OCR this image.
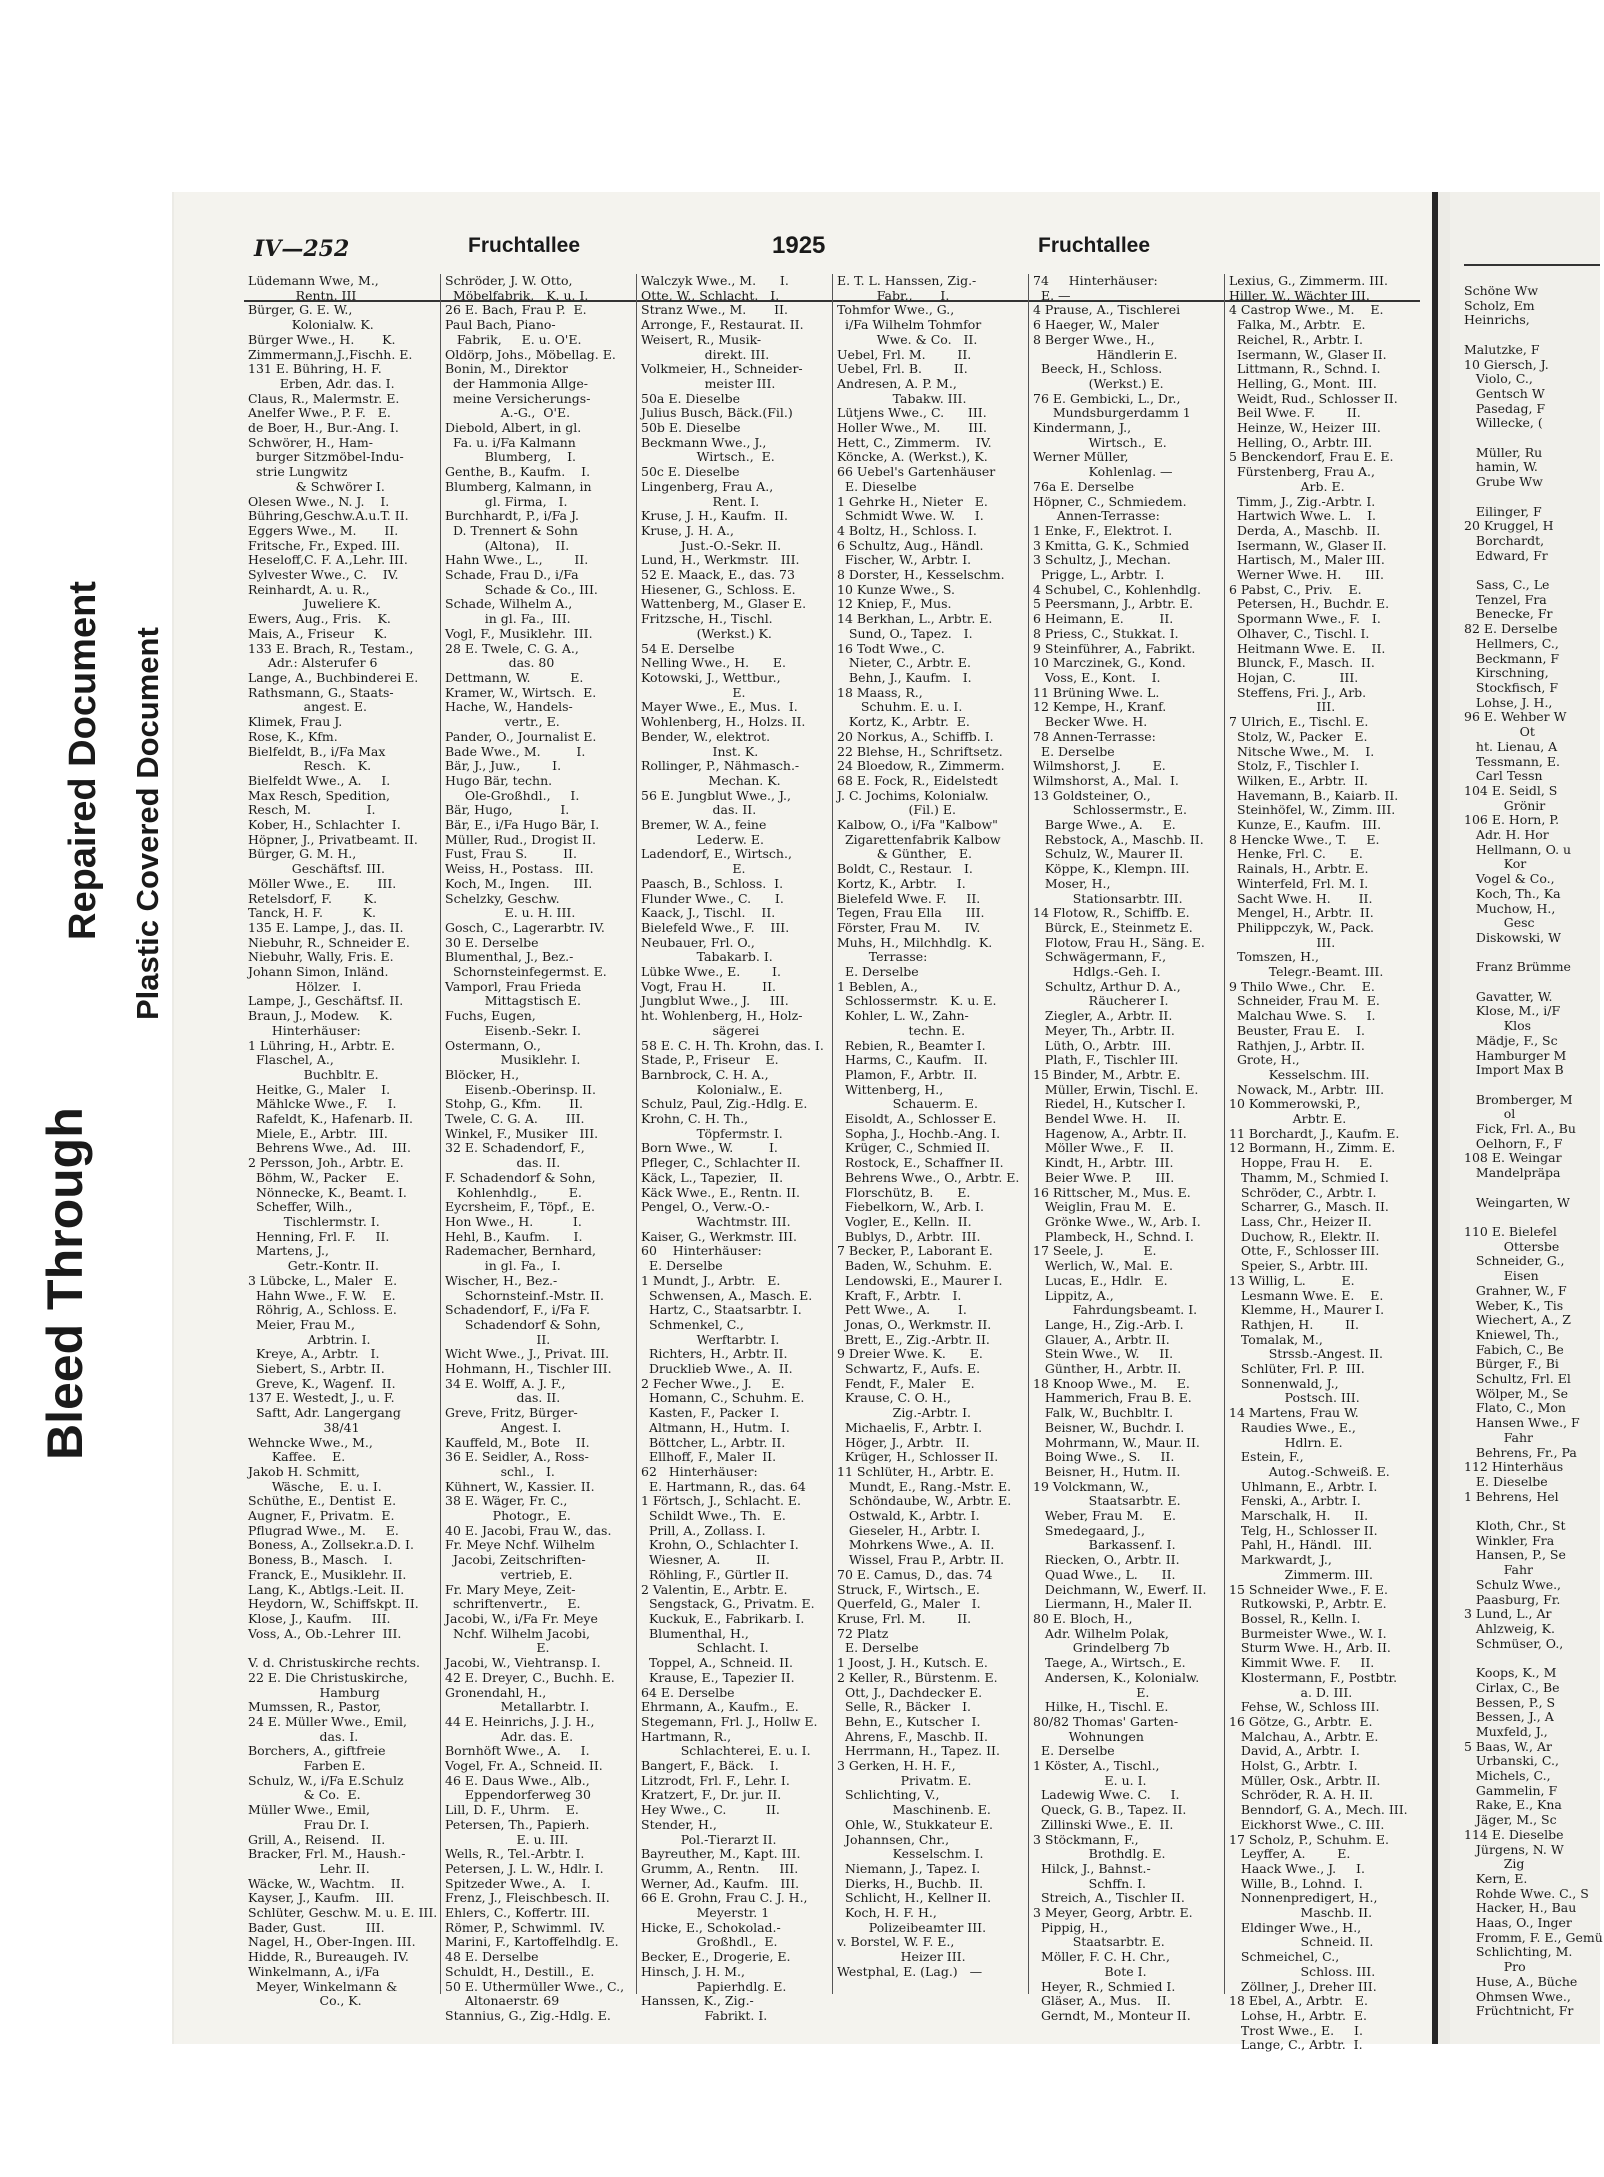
Bleed Through
Repaired Document Plastic Covered Document
IV—252	Fruchtallee	1925	Fruchtallee
Lüdemann Wwe, M.,
Rentn. III
Bürger, G. E. W.,
Kolonialw. K.
Bürger Wwe., H.       K.
Zimmermann,J.,Fischh. E.
131 E. Bühring, H. F.
Erben, Adr. das. I.
Claus, R., Malermstr. E.
Anelfer Wwe., P. F.   E.
de Boer, H., Bur.-Ang. I.
Schwörer, H., Ham-
burger Sitzmöbel-Indu-
strie Lungwitz
& Schwörer I.
Olesen Wwe., N. J.    I.
Bühring,Geschw.A.u.T. II.
Eggers Wwe., M.       II.
Fritsche, Fr., Exped. III.
Heseloff,C. F. A.,Lehr. III.
Sylvester Wwe., C.    IV.
Reinhardt, A. u. R.,
Juweliere K.
Ewers, Aug., Fris.    K.
Mais, A., Friseur     K.
133 E. Brach, R., Testam.,
Adr.: Alsterufer 6
Lange, A., Buchbinderei E.
Rathsmann, G., Staats-
angest. E.
Klimek, Frau J.
Rose, K., Kfm.
Bielfeldt, B., i/Fa Max
Resch.   K.
Bielfeldt Wwe., A.     I.
Max Resch, Spedition,
Resch, M.              I.
Kober, H., Schlachter  I.
Höpner, J., Privatbeamt. II.
Bürger, G. M. H.,
Geschäftsf. III.
Möller Wwe., E.       III.
Retelsdorf, F.        K.
Tanck, H. F.          K.
135 E. Lampe, J., das. II.
Niebuhr, R., Schneider E.
Niebuhr, Wally, Fris. E.
Johann Simon, Inländ.
Hölzer.   I.
Lampe, J., Geschäftsf. II.
Braun, J., Modew.     K.
Hinterhäuser:
1 Lühring, H., Arbtr. E.
Flaschel, A.,
Buchbltr. E.
Heitke, G., Maler    I.
Mählcke Wwe., F.     I.
Rafeldt, K., Hafenarb. II.
Miele, E., Arbtr.   III.
Behrens Wwe., Ad.    III.
2 Persson, Joh., Arbtr. E.
Böhm, W., Packer     E.
Nönnecke, K., Beamt. I.
Scheffer, Wilh.,
Tischlermstr. I.
Henning, Frl. F.     II.
Martens, J.,
Getr.-Kontr. II.
3 Lübcke, L., Maler   E.
Hahn Wwe., F. W.    E.
Röhrig, A., Schloss. E.
Meier, Frau M.,
Arbtrin. I.
Kreye, A., Arbtr.   I.
Siebert, S., Arbtr. II.
Greve, K., Wagenf.  II.
137 E. Westedt, J., u. F.
Saftt, Adr. Langergang
38/41
Wehncke Wwe., M.,
Kaffee.    E.
Jakob H. Schmitt,
Wäsche,    E. u. I.
Schüthe, E., Dentist  E.
Augner, F., Privatm.  E.
Pflugrad Wwe., M.     E.
Boness, A., Zollsekr.a.D. I.
Boness, B., Masch.    I.
Franck, E., Musiklehr. II.
Lang, K., Abtlgs.-Leit. II.
Heydorn, W., Schiffskpt. II.
Klose, J., Kaufm.     III.
Voss, A., Ob.-Lehrer  III.

V. d. Christuskirche rechts.
22 E. Die Christuskirche,
Hamburg
Mumssen, R., Pastor,
24 E. Müller Wwe., Emil,
das. I.
Borchers, A., giftfreie
Farben E.
Schulz, W., i/Fa E.Schulz
& Co.  E.
Müller Wwe., Emil,
Frau Dr. I.
Grill, A., Reisend.   II.
Bracker, Frl. M., Haush.-
Lehr. II.
Wäcke, W., Wachtm.    II.
Kayser, J., Kaufm.    III.
Schlüter, Geschw. M. u. E. III.
Bader, Gust.          III.
Nagel, H., Ober-Ingen. III.
Hidde, R., Bureaugeh. IV.
Winkelmann, A., i/Fa
Meyer, Winkelmann &
Co., K.
Schröder, J. W. Otto,
Möbelfabrik,   K. u. I.
26 E. Bach, Frau P.  E.
Paul Bach, Piano-
Fabrik,     E. u. O'E.
Oldörp, Johs., Möbellag. E.
Bonin, M., Direktor
der Hammonia Allge-
meine Versicherungs-
A.-G.,  O'E.
Diebold, Albert, in gl.
Fa. u. i/Fa Kalmann
Blumberg,    I.
Genthe, B., Kaufm.    I.
Blumberg, Kalmann, in
gl. Firma,   I.
Burchhardt, P., i/Fa J.
D. Trennert & Sohn
(Altona),    II.
Hahn Wwe., L.,        II.
Schade, Frau D., i/Fa
Schade & Co., III.
Schade, Wilhelm A.,
in gl. Fa.,  III.
Vogl, F., Musiklehr.  III.
28 E. Twele, C. G. A.,
das. 80
Dettmann, W.          E.
Kramer, W., Wirtsch.  E.
Hache, W., Handels-
vertr., E.
Pander, O., Journalist E.
Bade Wwe., M.         I.
Bär, J., Juw.,        I.
Hugo Bär, techn.
Ole-Großhdl.,     I.
Bär, Hugo,            I.
Bär, E., i/Fa Hugo Bär, I.
Müller, Rud., Drogist II.
Fust, Frau S.         II.
Weiss, H., Postass.   III.
Koch, M., Ingen.      III.
Schelzky, Geschw.
E. u. H. III.
Gosch, C., Lagerarbtr. IV.
30 E. Derselbe
Blumenthal, J., Bez.-
Schornsteinfegermst. E.
Vamporl, Frau Frieda
Mittagstisch E.
Fuchs, Eugen,
Eisenb.-Sekr. I.
Ostermann, O.,
Musiklehr. I.
Blöcker, H.,
Eisenb.-Oberinsp. II.
Stohp, G., Kfm.       II.
Twele, C. G. A.       III.
Winkel, F., Musiker   III.
32 E. Schadendorf, F.,
das. II.
F. Schadendorf & Sohn,
Kohlenhdlg.,        E.
Eycrsheim, F., Töpf.,  E.
Hon Wwe., H.          I.
Hehl, B., Kaufm.      I.
Rademacher, Bernhard,
in gl. Fa.,  I.
Wischer, H., Bez.-
Schornsteinf.-Mstr. II.
Schadendorf, F., i/Fa F.
Schadendorf & Sohn,
II.
Wicht Wwe., J., Privat. III.
Hohmann, H., Tischler III.
34 E. Wolff, A. J. F.,
das. II.
Greve, Fritz, Bürger-
Angest. I.
Kauffeld, M., Bote    II.
36 E. Seidler, A., Ross-
schl.,   I.
Kühnert, W., Kassier. II.
38 E. Wäger, Fr. C.,
Photogr.,  E.
40 E. Jacobi, Frau W., das.
Fr. Meye Nchf. Wilhelm
Jacobi, Zeitschriften-
vertrieb, E.
Fr. Mary Meye, Zeit-
schriftenvertr.,     E.
Jacobi, W., i/Fa Fr. Meye
Nchf. Wilhelm Jacobi,
E.
Jacobi, W., Viehtransp. I.
42 E. Dreyer, C., Buchh. E.
Gronendahl, H.,
Metallarbtr. I.
44 E. Heinrichs, J. J. H.,
Adr. das. E.
Bornhöft Wwe., A.     I.
Vogel, Fr. A., Schneid. II.
46 E. Daus Wwe., Alb.,
Eppendorferweg 30
Lill, D. F., Uhrm.    E.
Petersen, Th., Papierh.
E. u. III.
Wells, R., Tel.-Arbtr. I.
Petersen, J. L. W., Hdlr. I.
Spitzeder Wwe., A.    I.
Frenz, J., Fleischbesch. II.
Ehlers, C., Koffertr. III.
Römer, P., Schwimml.  IV.
Marini, F., Kartoffelhdlg. E.
48 E. Derselbe
Schuldt, H., Destill.,  E.
50 E. Uthermüller Wwe., C.,
Altonaerstr. 69
Stannius, G., Zig.-Hdlg. E.
Walczyk Wwe., M.      I.
Otte, W., Schlacht.   I.
Stranz Wwe., M.       II.
Arronge, F., Restaurat. II.
Weisert, R., Musik-
direkt. III.
Volkmeier, H., Schneider-
meister III.
50a E. Dieselbe
Julius Busch, Bäck.(Fil.)
50b E. Dieselbe
Beckmann Wwe., J.,
Wirtsch.,  E.
50c E. Dieselbe
Lingenberg, Frau A.,
Rent. I.
Kruse, J. H., Kaufm.  II.
Kruse, J. H. A.,
Just.-O.-Sekr. II.
Lund, H., Werkmstr.   III.
52 E. Maack, E., das. 73
Hiesener, G., Schloss. E.
Wattenberg, M., Glaser E.
Fritzsche, H., Tischl.
(Werkst.) K.
54 E. Derselbe
Nelling Wwe., H.      E.
Kotowski, J., Wettbur.,
E.
Mayer Wwe., E., Mus.  I.
Wohlenberg, H., Holzs. II.
Bender, W., elektrot.
Inst. K.
Rollinger, P., Nähmasch.-
Mechan. K.
56 E. Jungblut Wwe., J.,
das. II.
Bremer, W. A., feine
Lederw. E.
Ladendorf, E., Wirtsch.,
E.
Paasch, B., Schloss.  I.
Flunder Wwe., C.      I.
Kaack, J., Tischl.    II.
Bielefeld Wwe., F.    III.
Neubauer, Frl. O.,
Tabakarb. I.
Lübke Wwe., E.        I.
Vogt, Frau H.         II.
Jungblut Wwe., J.     III.
ht. Wohlenberg, H., Holz-
sägerei
58 E. C. H. Th. Krohn, das. I.
Stade, P., Friseur    E.
Barnbrock, C. H. A.,
Kolonialw., E.
Schulz, Paul, Zig.-Hdlg. E.
Krohn, C. H. Th.,
Töpfermstr. I.
Born Wwe., W.         I.
Pfleger, C., Schlachter II.
Käck, L., Tapezier,   II.
Käck Wwe., E., Rentn. II.
Pengel, O., Verw.-O.-
Wachtmstr. III.
Kaiser, G., Werkmstr. III.
60    Hinterhäuser:
E. Derselbe
1 Mundt, J., Arbtr.   E.
Schwensen, A., Masch. E.
Hartz, C., Staatsarbtr. I.
Schmenkel, C.,
Werftarbtr. I.
Richters, H., Arbtr. II.
Drucklieb Wwe., A.  II.
2 Fecher Wwe., J.     E.
Homann, C., Schuhm. E.
Kasten, F., Packer  I.
Altmann, H., Hutm.  I.
Böttcher, L., Arbtr. II.
Ellhoff, F., Maler  II.
62   Hinterhäuser:
E. Hartmann, R., das. 64
1 Förtsch, J., Schlacht. E.
Schildt Wwe., Th.   E.
Prill, A., Zollass. I.
Krohn, O., Schlachter I.
Wiesner, A.         II.
Röhling, F., Gürtler II.
2 Valentin, E., Arbtr. E.
Sengstack, G., Privatm. E.
Kuckuk, E., Fabrikarb. I.
Blumenthal, H.,
Schlacht. I.
Toppel, A., Schneid. II.
Krause, E., Tapezier II.
64 E. Derselbe
Ehrmann, A., Kaufm.,  E.
Stegemann, Frl. J., Hollw E.
Hartmann, R.,
Schlachterei, E. u. I.
Bangert, F., Bäck.    I.
Litzrodt, Frl. F., Lehr. I.
Kratzert, F., Dr. jur. II.
Hey Wwe., C.          II.
Stender, H.,
Pol.-Tierarzt II.
Bayreuther, M., Kapt. III.
Grumm, A., Rentn.     III.
Werner, Ad., Kaufm.   III.
66 E. Grohn, Frau C. J. H.,
Meyerstr. 1
Hicke, E., Schokolad.-
Großhdl.,  E.
Becker, E., Drogerie, E.
Hinsch, J. H. M.,
Papierhdlg. E.
Hanssen, K., Zig.-
Fabrikt. I.
E. T. L. Hanssen, Zig.-
Fabr.,       I.
Tohmfor Wwe., G.,
i/Fa Wilhelm Tohmfor
Wwe. & Co.   II.
Uebel, Frl. M.        II.
Uebel, Frl. B.        II.
Andresen, A. P. M.,
Tabakw. III.
Lütjens Wwe., C.      III.
Holler Wwe., M.       III.
Hett, C., Zimmerm.    IV.
Köncke, A. (Werkst.), K.
66 Uebel's Gartenhäuser
E. Dieselbe
1 Gehrke H., Nieter   E.
Schmidt Wwe. W.     I.
4 Boltz, H., Schloss. I.
6 Schultz, Aug., Händl.
Fischer, W., Arbtr. I.
8 Dorster, H., Kesselschm.
10 Kunze Wwe., S.
12 Kniep, F., Mus.
14 Berkhan, L., Arbtr. E.
Sund, O., Tapez.   I.
16 Todt Wwe., C.
Nieter, C., Arbtr. E.
Behn, J., Kaufm.   I.
18 Maass, R.,
Schuhm. E. u. I.
Kortz, K., Arbtr.  E.
20 Norkus, A., Schiffb. I.
22 Blehse, H., Schriftsetz.
24 Bloedow, R., Zimmerm.
68 E. Fock, R., Eidelstedt
J. C. Jochims, Kolonialw.
(Fil.) E.
Kalbow, O., i/Fa "Kalbow"
Zigarettenfabrik Kalbow
& Günther,   E.
Boldt, C., Restaur.   I.
Kortz, K., Arbtr.     I.
Bielefeld Wwe. F.     II.
Tegen, Frau Ella      III.
Förster, Frau M.      IV.
Muhs, H., Milchhdlg.  K.
Terrasse:
E. Derselbe
1 Beblen, A.,
Schlossermstr.   K. u. E.
Kohler, L. W., Zahn-
techn. E.
Rebien, R., Beamter I.
Harms, C., Kaufm.   II.
Plamon, F., Arbtr.  II.
Wittenberg, H.,
Schauerm. E.
Eisoldt, A., Schlosser E.
Sopha, J., Hochb.-Ang. I.
Krüger, C., Schmied II.
Rostock, E., Schaffner II.
Behrens Wwe., O., Arbtr. E.
Florschütz, B.      E.
Fiebelkorn, W., Arb. I.
Vogler, E., Kelln.  II.
Bublys, D., Arbtr.  III.
7 Becker, P., Laborant E.
Baden, W., Schuhm.  E.
Lendowski, E., Maurer I.
Kraft, F., Arbtr.   I.
Pett Wwe., A.       I.
Jonas, O., Werkmstr. II.
Brett, E., Zig.-Arbtr. II.
9 Dreier Wwe. K.      E.
Schwartz, F., Aufs. E.
Fendt, F., Maler    E.
Krause, C. O. H.,
Zig.-Arbtr. I.
Michaelis, F., Arbtr. I.
Höger, J., Arbtr.   II.
Krüger, H., Schlosser II.
11 Schlüter, H., Arbtr. E.
Mundt, E., Rang.-Mstr. E.
Schöndaube, W., Arbtr. E.
Ostwald, K., Arbtr. I.
Gieseler, H., Arbtr. I.
Mohrkens Wwe., A.  II.
Wissel, Frau P., Arbtr. II.
70 E. Camus, D., das. 74
Struck, F., Wirtsch., E.
Querfeld, G., Maler   I.
Kruse, Frl. M.        II.
72 Platz
E. Derselbe
1 Joost, J. H., Kutsch. E.
2 Keller, R., Bürstenm. E.
Ott, J., Dachdecker E.
Selle, R., Bäcker   I.
Behn, E., Kutscher  I.
Ahrens, F., Maschb. II.
Herrmann, H., Tapez. II.
3 Gerken, H. H. F.,
Privatm. E.
Schlichting, V.,
Maschinenb. E.
Ohle, W., Stukkateur E.
Johannsen, Chr.,
Kesselschm. I.
Niemann, J., Tapez. I.
Dierks, H., Buchb.  II.
Schlicht, H., Kellner II.
Koch, H. F. H.,
Polizeibeamter III.
v. Borstel, W. F. E.,
Heizer III.
Westphal, E. (Lag.)   —
74     Hinterhäuser:
E. —
4 Prause, A., Tischlerei
6 Haeger, W., Maler
8 Berger Wwe., H.,
Händlerin E.
Beeck, H., Schloss.
(Werkst.) E.
76 E. Gembicki, L., Dr.,
Mundsburgerdamm 1
Kindermann, J.,
Wirtsch.,  E.
Werner Müller,
Kohlenlag. —
76a E. Derselbe
Höpner, C., Schmiedem.
Annen-Terrasse:
1 Enke, F., Elektrot. I.
3 Kmitta, G. K., Schmied
3 Schultz, J., Mechan.
Prigge, L., Arbtr.  I.
4 Schubel, C., Kohlenhdlg.
5 Peersmann, J., Arbtr. E.
6 Heimann, E.         II.
8 Priess, C., Stukkat. I.
9 Steinführer, A., Fabrikt.
10 Marczinek, G., Kond.
Voss, E., Kont.    I.
11 Brüning Wwe. L.
12 Kempe, H., Kranf.
Becker Wwe. H.
78 Annen-Terrasse:
E. Derselbe
Wilmshorst, J.        E.
Wilmshorst, A., Mal.  I.
13 Goldsteiner, O.,
Schlossermstr., E.
Barge Wwe., A.     E.
Rebstock, A., Maschb. II.
Schulz, W., Maurer II.
Köppe, K., Klempn. III.
Moser, H.,
Stationsarbtr. III.
14 Flotow, R., Schiffb. E.
Bürck, E., Steinmetz E.
Flotow, Frau H., Säng. E.
Schwägermann, F.,
Hdlgs.-Geh. I.
Schultz, Arthur D. A.,
Räucherer I.
Ziegler, A., Arbtr. II.
Meyer, Th., Arbtr. II.
Lüth, O., Arbtr.   III.
Plath, F., Tischler III.
15 Binder, M., Arbtr. E.
Müller, Erwin, Tischl. E.
Riedel, H., Kutscher I.
Bendel Wwe. H.     II.
Hagenow, A., Arbtr. II.
Möller Wwe., F.    II.
Kindt, H., Arbtr.  III.
Beier Wwe. P.      III.
16 Rittscher, M., Mus. E.
Weiglin, Frau M.   E.
Grönke Wwe., W., Arb. I.
Plambeck, H., Schnd. I.
17 Seele, J.          E.
Werlich, W., Mal.  E.
Lucas, E., Hdlr.   E.
Lippitz, A.,
Fahrdungsbeamt. I.
Lange, H., Zig.-Arb. I.
Glauer, A., Arbtr. II.
Stein Wwe., W.     II.
Günther, H., Arbtr. II.
18 Knoop Wwe., M.     E.
Hammerich, Frau B. E.
Falk, W., Buchbltr. I.
Beisner, W., Buchdr. I.
Mohrmann, W., Maur. II.
Boing Wwe., S.     II.
Beisner, H., Hutm. II.
19 Volckmann, W.,
Staatsarbtr. E.
Weber, Frau M.     E.
Smedegaard, J.,
Barkassenf. I.
Riecken, O., Arbtr. II.
Quad Wwe., L.      II.
Deichmann, W., Ewerf. II.
Liermann, H., Maler II.
80 E. Bloch, H.,
Adr. Wilhelm Polak,
Grindelberg 7b
Taege, A., Wirtsch., E.
Andersen, K., Kolonialw.
E.
Hilke, H., Tischl. E.
80/82 Thomas' Garten-
Wohnungen
E. Derselbe
1 Köster, A., Tischl.,
E. u. I.
Ladewig Wwe. C.     I.
Queck, G. B., Tapez. II.
Zillinski Wwe., E.  II.
3 Stöckmann, F.,
Brothdlg. E.
Hilck, J., Bahnst.-
Schffn. I.
Streich, A., Tischler II.
3 Meyer, Georg, Arbtr. E.
Pippig, H.,
Staatsarbtr. E.
Möller, F. C. H. Chr.,
Bote I.
Heyer, R., Schmied I.
Gläser, A., Mus.    II.
Gerndt, M., Monteur II.
Lexius, G., Zimmerm. III.
Hiller, W., Wächter III.
4 Castrop Wwe., M.    E.
Falka, M., Arbtr.   E.
Reichel, R., Arbtr. I.
Isermann, W., Glaser II.
Littmann, R., Schnd. I.
Helling, G., Mont.  III.
Weidt, Rud., Schlosser II.
Beil Wwe. F.        II.
Heinze, W., Heizer  III.
Helling, O., Arbtr. III.
5 Benckendorf, Frau E. E.
Fürstenberg, Frau A.,
Arb. E.
Timm, J., Zig.-Arbtr. I.
Hartwich Wwe. L.    I.
Derda, A., Maschb.  II.
Isermann, W., Glaser II.
Hartisch, M., Maler III.
Werner Wwe. H.      III.
6 Pabst, C., Priv.    E.
Petersen, H., Buchdr. E.
Spormann Wwe., F.   I.
Olhaver, C., Tischl. I.
Heitmann Wwe. E.    II.
Blunck, F., Masch.  II.
Hojan, C.           III.
Steffens, Fri. J., Arb.
III.
7 Ulrich, E., Tischl. E.
Stolz, W., Packer   E.
Nitsche Wwe., M.    I.
Stolz, F., Tischler I.
Wilken, E., Arbtr.  II.
Havemann, B., Kaiarb. II.
Steinhöfel, W., Zimm. III.
Kunze, E., Kaufm.   III.
8 Hencke Wwe., T.     E.
Henke, Frl. C.      E.
Rainals, H., Arbtr. E.
Winterfeld, Frl. M. I.
Sacht Wwe. H.       II.
Mengel, H., Arbtr.  II.
Philippczyk, W., Pack.
III.
Tomszen, H.,
Telegr.-Beamt. III.
9 Thilo Wwe., Chr.    E.
Schneider, Frau M.  E.
Malchau Wwe. S.     I.
Beuster, Frau E.    I.
Rathjen, J., Arbtr. II.
Grote, H.,
Kesselschm. III.
Nowack, M., Arbtr.  III.
10 Kommerowski, P.,
Arbtr. E.
11 Borchardt, J., Kaufm. E.
12 Bormann, H., Zimm. E.
Hoppe, Frau H.     E.
Thamm, M., Schmied I.
Schröder, C., Arbtr. I.
Scharrer, G., Masch. II.
Lass, Chr., Heizer II.
Duchow, R., Elektr. II.
Otte, F., Schlosser III.
Speier, S., Arbtr. III.
13 Willig, L.         E.
Lesmann Wwe. E.    E.
Klemme, H., Maurer I.
Rathjen, H.        II.
Tomalak, M.,
Strssb.-Angest. II.
Schlüter, Frl. P.  III.
Sonnenwald, J.,
Postsch. III.
14 Martens, Frau W.
Raudies Wwe., E.,
Hdlrn. E.
Estein, F.,
Autog.-Schweiß. E.
Uhlmann, E., Arbtr. I.
Fenski, A., Arbtr. I.
Marschalk, H.      II.
Telg, H., Schlosser II.
Pahl, H., Händl.   III.
Markwardt, J.,
Zimmerm. III.
15 Schneider Wwe., F. E.
Rutkowski, P., Arbtr. E.
Bossel, R., Kelln. I.
Burmeister Wwe., W. I.
Sturm Wwe. H., Arb. II.
Kimmit Wwe. F.     II.
Klostermann, F., Postbtr.
a. D. III.
Fehse, W., Schloss III.
16 Götze, G., Arbtr.  E.
Malchau, A., Arbtr. E.
David, A., Arbtr.  I.
Holst, G., Arbtr.  I.
Müller, Osk., Arbtr. II.
Schröder, R. A. H. II.
Benndorf, G. A., Mech. III.
Eickhorst Wwe., C. III.
17 Scholz, P., Schuhm. E.
Leyffer, A.        E.
Haack Wwe., J.     I.
Wille, B., Lohnd.  I.
Nonnenpredigert, H.,
Maschb. II.
Eldinger Wwe., H.,
Schneid. II.
Schmeichel, C.,
Schloss. III.
Zöllner, J., Dreher III.
18 Ebel, A., Arbtr.   E.
Lohse, H., Arbtr.  E.
Trost Wwe., E.     I.
Lange, C., Arbtr.  I.
Schöne Ww
Scholz, Em
Heinrichs,

Malutzke, F
10 Giersch, J.
Violo, C.,
Gentsch W
Pasedag, F
Willecke, (

Müller, Ru
hamin, W.
Grube Ww

Eilinger, F
20 Kruggel, H
Borchardt,
Edward, Fr

Sass, C., Le
Tenzel, Fra
Benecke, Fr
82 E. Derselbe
Hellmers, C.,
Beckmann, F
Kirschning,
Stockfisch, F
Lohse, J. H.,
96 E. Wehber W
Ot
ht. Lienau, A
Tessmann, E.
Carl Tessn
104 E. Seidl, S
Grönir
106 E. Horn, P.
Adr. H. Hor
Hellmann, O. u
Kor
Vogel & Co.,
Koch, Th., Ka
Muchow, H.,
Gesc
Diskowski, W

Franz Brümme

Gavatter, W.
Klose, M., i/F
Klos
Mädje, F., Sc
Hamburger M
Import Max B

Bromberger, M
ol
Fick, Frl. A., Bu
Oelhorn, F., F
108 E. Weingar
Mandelpräpa

Weingarten, W

110 E. Bielefel
Ottersbe
Schneider, G.,
Eisen
Grahner, W., F
Weber, K., Tis
Wiechert, A., Z
Kniewel, Th.,
Fabich, C., Be
Bürger, F., Bi
Schultz, Frl. El
Wölper, M., Se
Flato, C., Mon
Hansen Wwe., F
Fahr
Behrens, Fr., Pa
112 Hinterhäus
E. Dieselbe
1 Behrens, Hel

Kloth, Chr., St
Winkler, Fra
Hansen, P., Se
Fahr
Schulz Wwe.,
Paasburg, Fr.
3 Lund, L., Ar
Ahlzweig, K.
Schmüser, O.,

Koops, K., M
Cirlax, C., Be
Bessen, P., S
Bessen, J., A
Muxfeld, J.,
5 Baas, W., Ar
Urbanski, C.,
Michels, C.,
Gammelin, F
Rake, E., Kna
Jäger, M., Sc
114 E. Dieselbe
Jürgens, N. W
Zig
Kern, E.
Rohde Wwe. C., S
Hacker, H., Bau
Haas, O., Inger
Fromm, F. E., Gemü
Schlichting, M.
Pro
Huse, A., Büche
Ohmsen Wwe.,
Früchtnicht, Fr
